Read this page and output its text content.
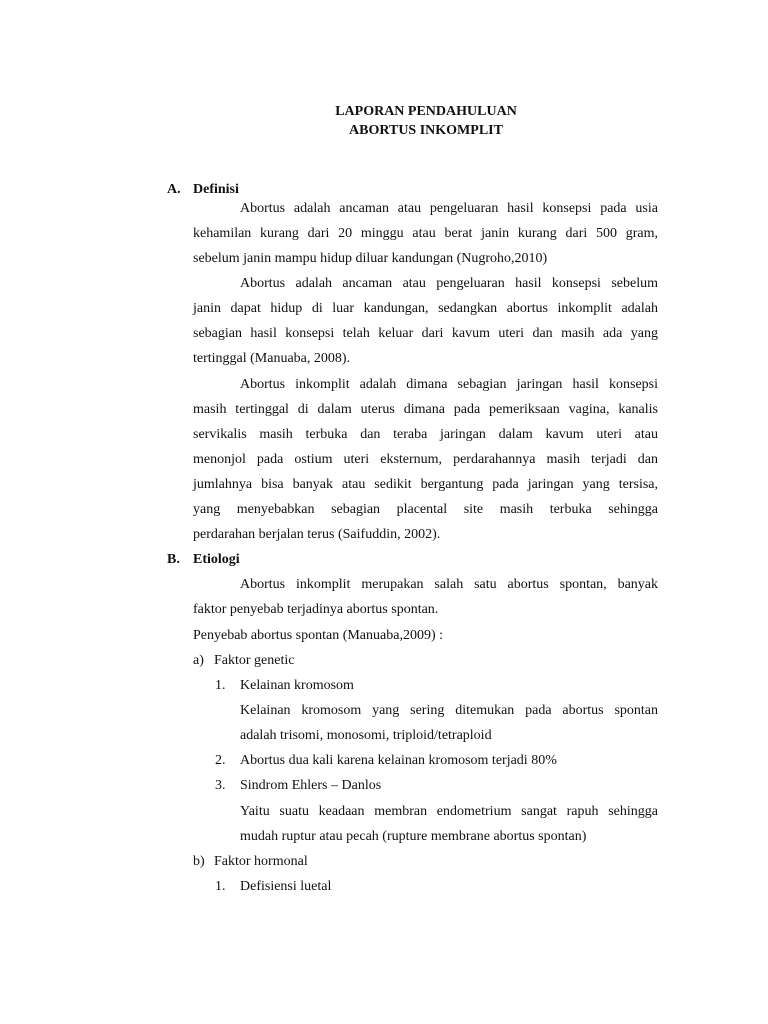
LAPORAN PENDAHULUAN
ABORTUS INKOMPLIT
A. Definisi
Abortus adalah ancaman atau pengeluaran hasil konsepsi pada usia
kehamilan kurang dari 20 minggu atau berat janin kurang dari 500 gram,
sebelum janin mampu hidup diluar kandungan (Nugroho,2010)
Abortus adalah ancaman atau pengeluaran hasil konsepsi sebelum
janin dapat hidup di luar kandungan, sedangkan abortus inkomplit adalah
sebagian hasil konsepsi telah keluar dari kavum uteri dan masih ada yang
tertinggal (Manuaba, 2008).
Abortus inkomplit adalah dimana sebagian jaringan hasil konsepsi
masih tertinggal di dalam uterus dimana pada pemeriksaan vagina, kanalis
servikalis masih terbuka dan teraba jaringan dalam kavum uteri atau
menonjol pada ostium uteri eksternum, perdarahannya masih terjadi dan
jumlahnya bisa banyak atau sedikit bergantung pada jaringan yang tersisa,
yang menyebabkan sebagian placental site masih terbuka sehingga
perdarahan berjalan terus (Saifuddin, 2002).
B. Etiologi
Abortus inkomplit merupakan salah satu abortus spontan, banyak
faktor penyebab terjadinya abortus spontan.
Penyebab abortus spontan (Manuaba,2009) :
a) Faktor genetic
1. Kelainan kromosom
Kelainan kromosom yang sering ditemukan pada abortus spontan
adalah trisomi, monosomi, triploid/tetraploid
2. Abortus dua kali karena kelainan kromosom terjadi 80%
3. Sindrom Ehlers – Danlos
Yaitu suatu keadaan membran endometrium sangat rapuh sehingga
mudah ruptur atau pecah (rupture membrane abortus spontan)
b) Faktor hormonal
1. Defisiensi luetal
